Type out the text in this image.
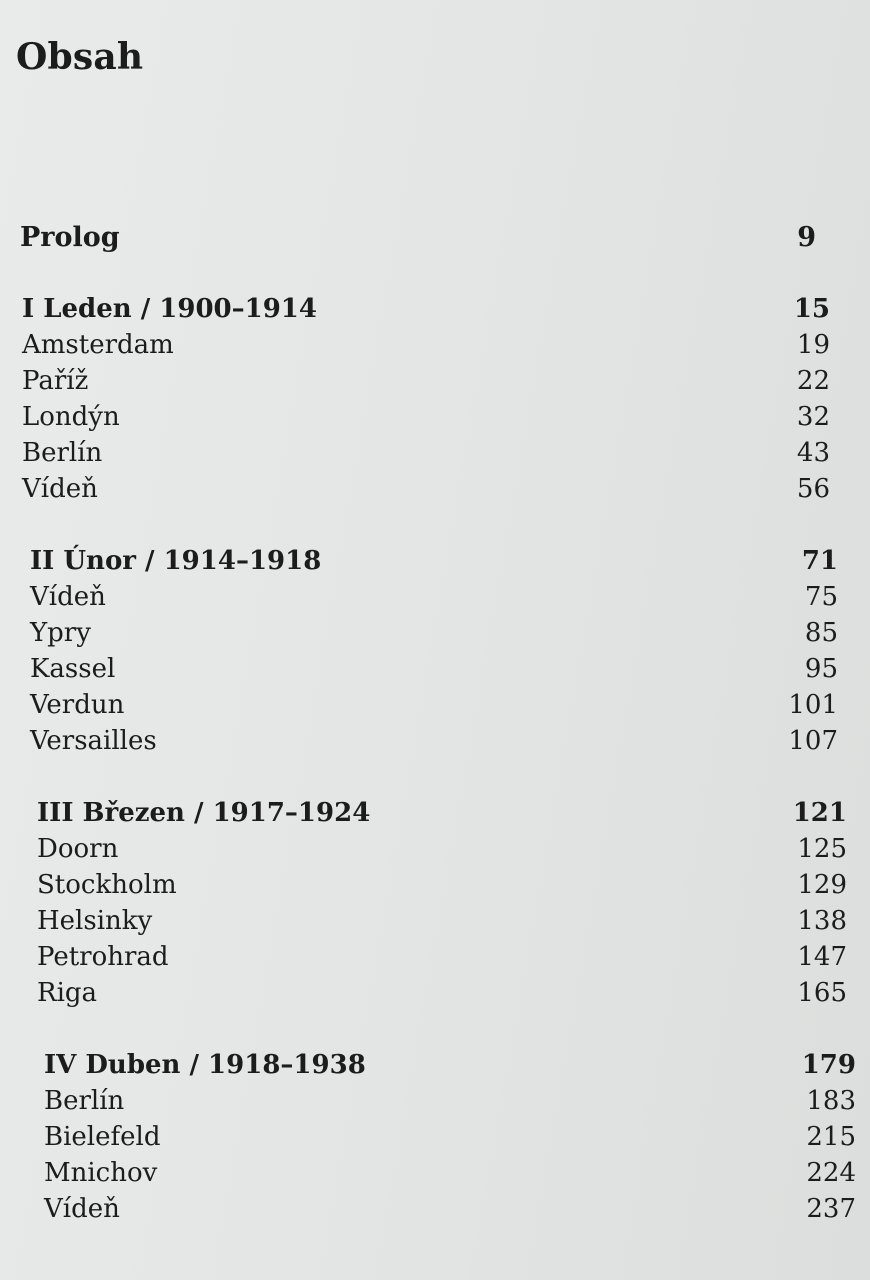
Obsah
Prolog	9
I Leden / 1900–1914	15
Amsterdam	19
Paříž	22
Londýn	32
Berlín	43
Vídeň	56
II Únor / 1914–1918	71
Vídeň	75
Ypry	85
Kassel	95
Verdun	101
Versailles	107
III Březen / 1917–1924	121
Doorn	125
Stockholm	129
Helsinky	138
Petrohrad	147
Riga	165
IV Duben / 1918–1938	179
Berlín	183
Bielefeld	215
Mnichov	224
Vídeň	237
